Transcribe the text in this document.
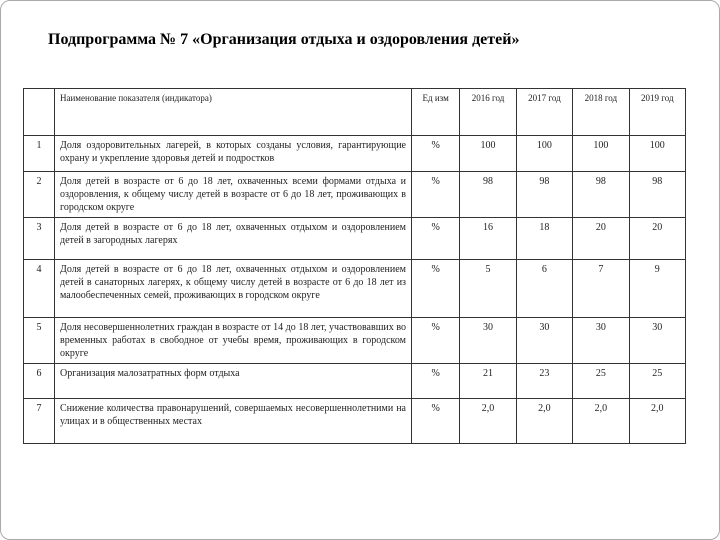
Подпрограмма № 7 «Организация отдыха и оздоровления детей»
	Наименование показателя (индикатора)	Ед изм	2016 год	2017 год	2018 год	2019 год
1	Доля оздоровительных лагерей, в которых созданы условия, гарантирующие охрану и укрепление здоровья детей и подростков	%	100	100	100	100
2	Доля детей в возрасте от 6 до 18 лет, охваченных всеми формами отдыха и оздоровления, к общему числу детей в возрасте от 6 до 18 лет, проживающих в городском округе	%	98	98	98	98
3	Доля детей в возрасте от 6 до 18 лет, охваченных отдыхом и оздоровлением детей в загородных лагерях	%	16	18	20	20
4	Доля детей в возрасте от 6 до 18 лет, охваченных отдыхом и оздоровлением детей в санаторных лагерях, к общему числу детей в возрасте от 6 до 18 лет из малообеспеченных семей, проживающих в городском округе	%	5	6	7	9
5	Доля несовершеннолетних граждан в возрасте от 14 до 18 лет, участвовавших во временных работах в свободное от учебы время, проживающих в городском округе	%	30	30	30	30
6	Организация малозатратных форм отдыха	%	21	23	25	25
7	Снижение количества правонарушений, совершаемых несовершеннолетними на улицах и в общественных местах	%	2,0	2,0	2,0	2,0
